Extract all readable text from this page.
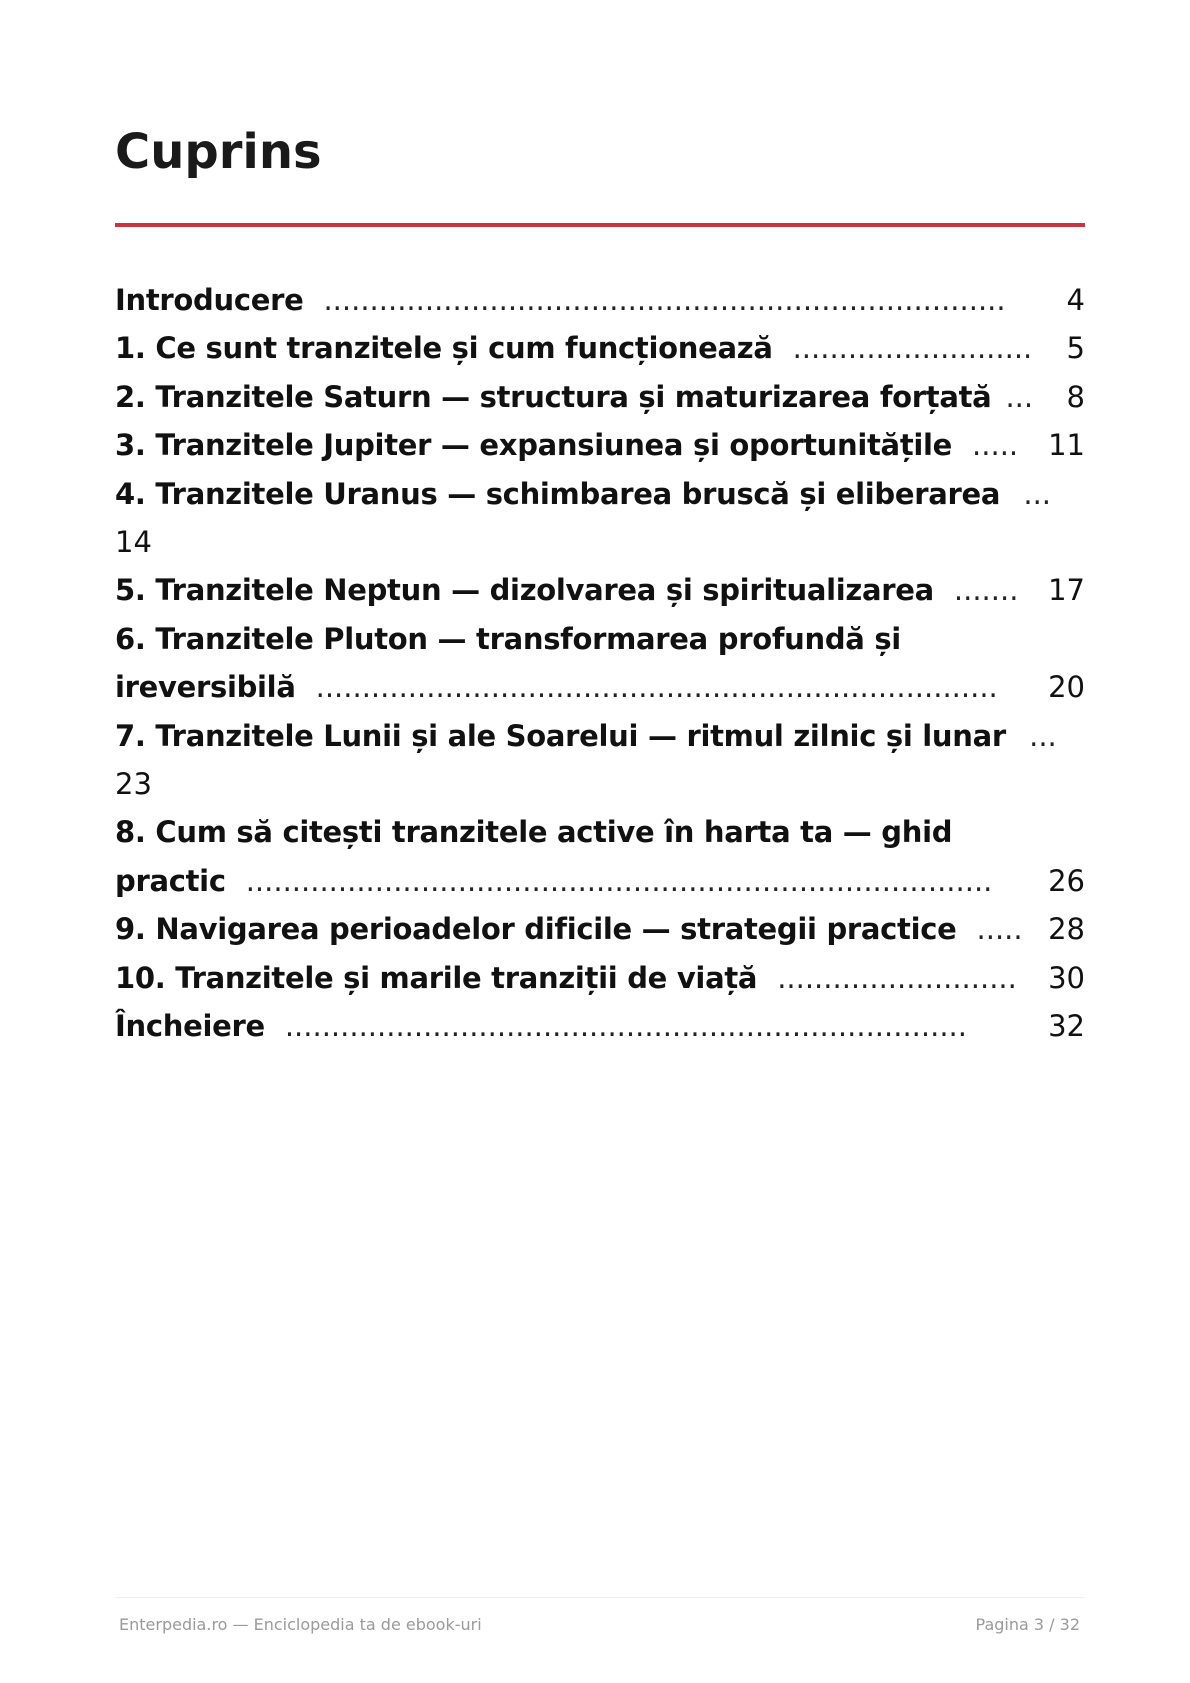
Cuprins
Introducere ..........................................................................	4
1. Ce sunt tranzitele și cum funcționează ..........................	5
2. Tranzitele Saturn — structura și maturizarea forțată ...	8
3. Tranzitele Jupiter — expansiunea și oportunitățile .....	11
4. Tranzitele Uranus — schimbarea bruscă și eliberarea ...
14
5. Tranzitele Neptun — dizolvarea și spiritualizarea .......	17
6. Tranzitele Pluton — transformarea profundă și
ireversibilă ..........................................................................	20
7. Tranzitele Lunii și ale Soarelui — ritmul zilnic și lunar ...
23
8. Cum să citești tranzitele active în harta ta — ghid
practic .................................................................................	26
9. Navigarea perioadelor dificile — strategii practice ..... 28
10. Tranzitele și marile tranziții de viață ..........................	30
Încheiere ..........................................................................	32
Enterpedia.ro — Enciclopedia ta de ebook-uri	Pagina 3 / 32
